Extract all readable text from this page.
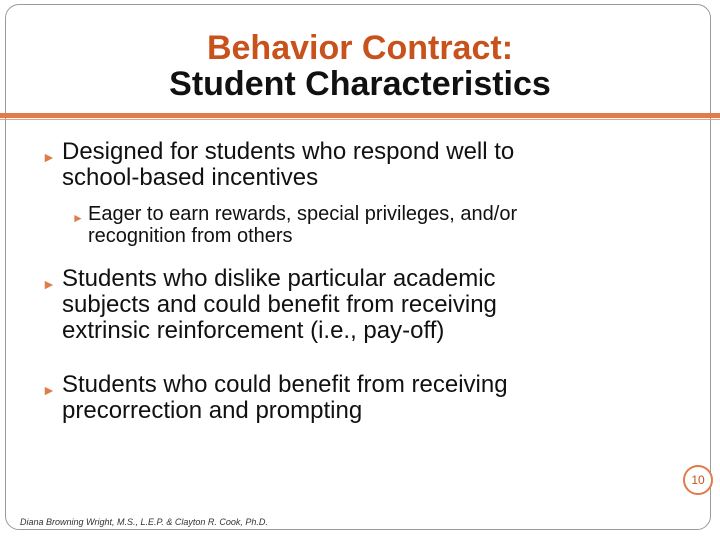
Behavior Contract:
Student Characteristics
► Designed for students who respond well to
school-based incentives
► Eager to earn rewards, special privileges, and/or
recognition from others
► Students who dislike particular academic
subjects and could benefit from receiving
extrinsic reinforcement (i.e., pay-off)
► Students who could benefit from receiving
precorrection and prompting
Diana Browning Wright, M.S., L.E.P. & Clayton R. Cook, Ph.D.
10
